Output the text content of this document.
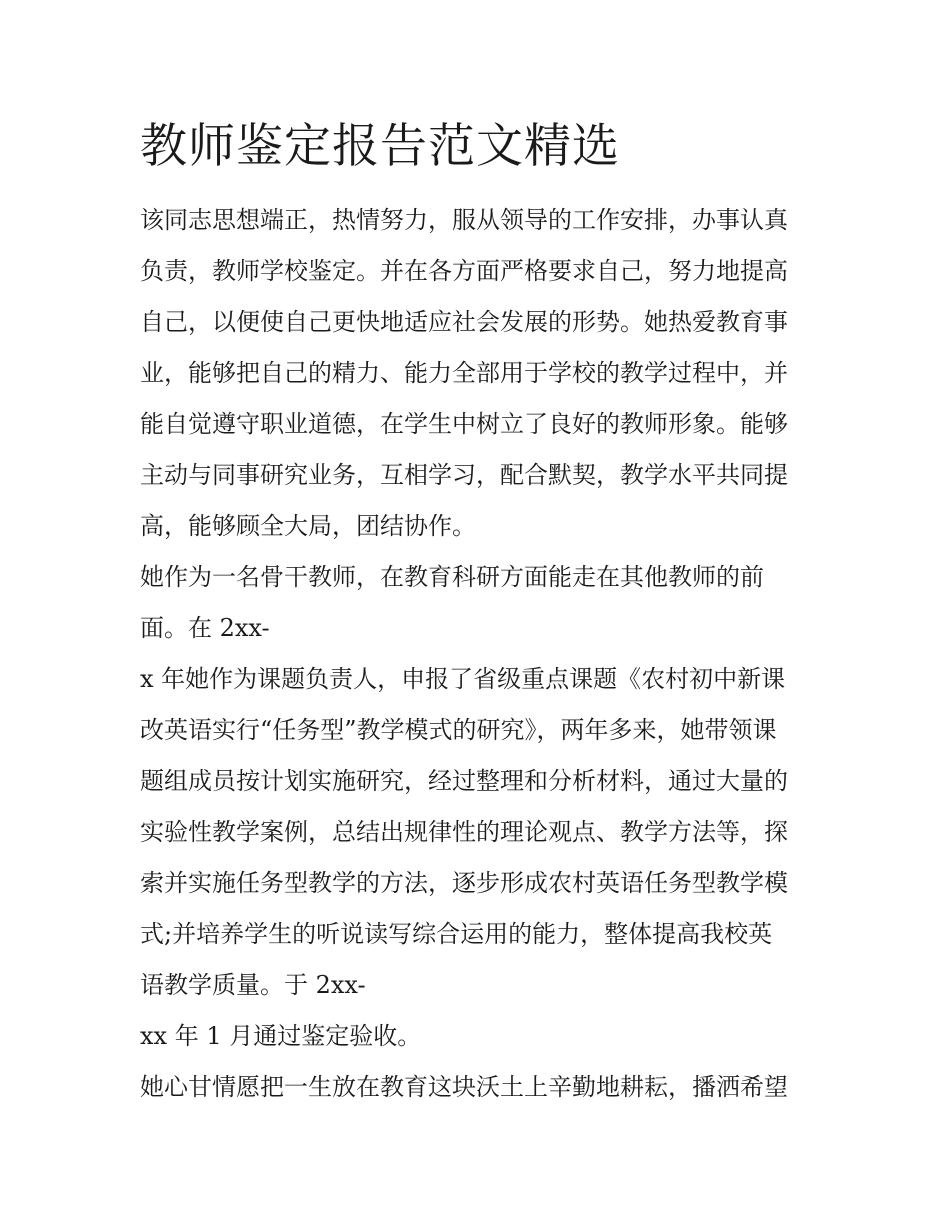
教师鉴定报告范文精选

该同志思想端正，热情努力，服从领导的工作安排，办事认真

负责，教师学校鉴定。并在各方面严格要求自己，努力地提高

自己，以便使自己更快地适应社会发展的形势。她热爱教育事

业，能够把自己的精力、能力全部用于学校的教学过程中，并

能自觉遵守职业道德，在学生中树立了良好的教师形象。能够

主动与同事研究业务，互相学习，配合默契，教学水平共同提

高，能够顾全大局，团结协作。

她作为一名骨干教师，在教育科研方面能走在其他教师的前

面。在 2xx-

x 年她作为课题负责人，申报了省级重点课题《农村初中新课

改英语实行“任务型”教学模式的研究》，两年多来，她带领课

题组成员按计划实施研究，经过整理和分析材料，通过大量的

实验性教学案例，总结出规律性的理论观点、教学方法等，探

索并实施任务型教学的方法，逐步形成农村英语任务型教学模

式;并培养学生的听说读写综合运用的能力，整体提高我校英

语教学质量。于 2xx-

xx 年 1 月通过鉴定验收。

她心甘情愿把一生放在教育这块沃土上辛勤地耕耘，播洒希望
